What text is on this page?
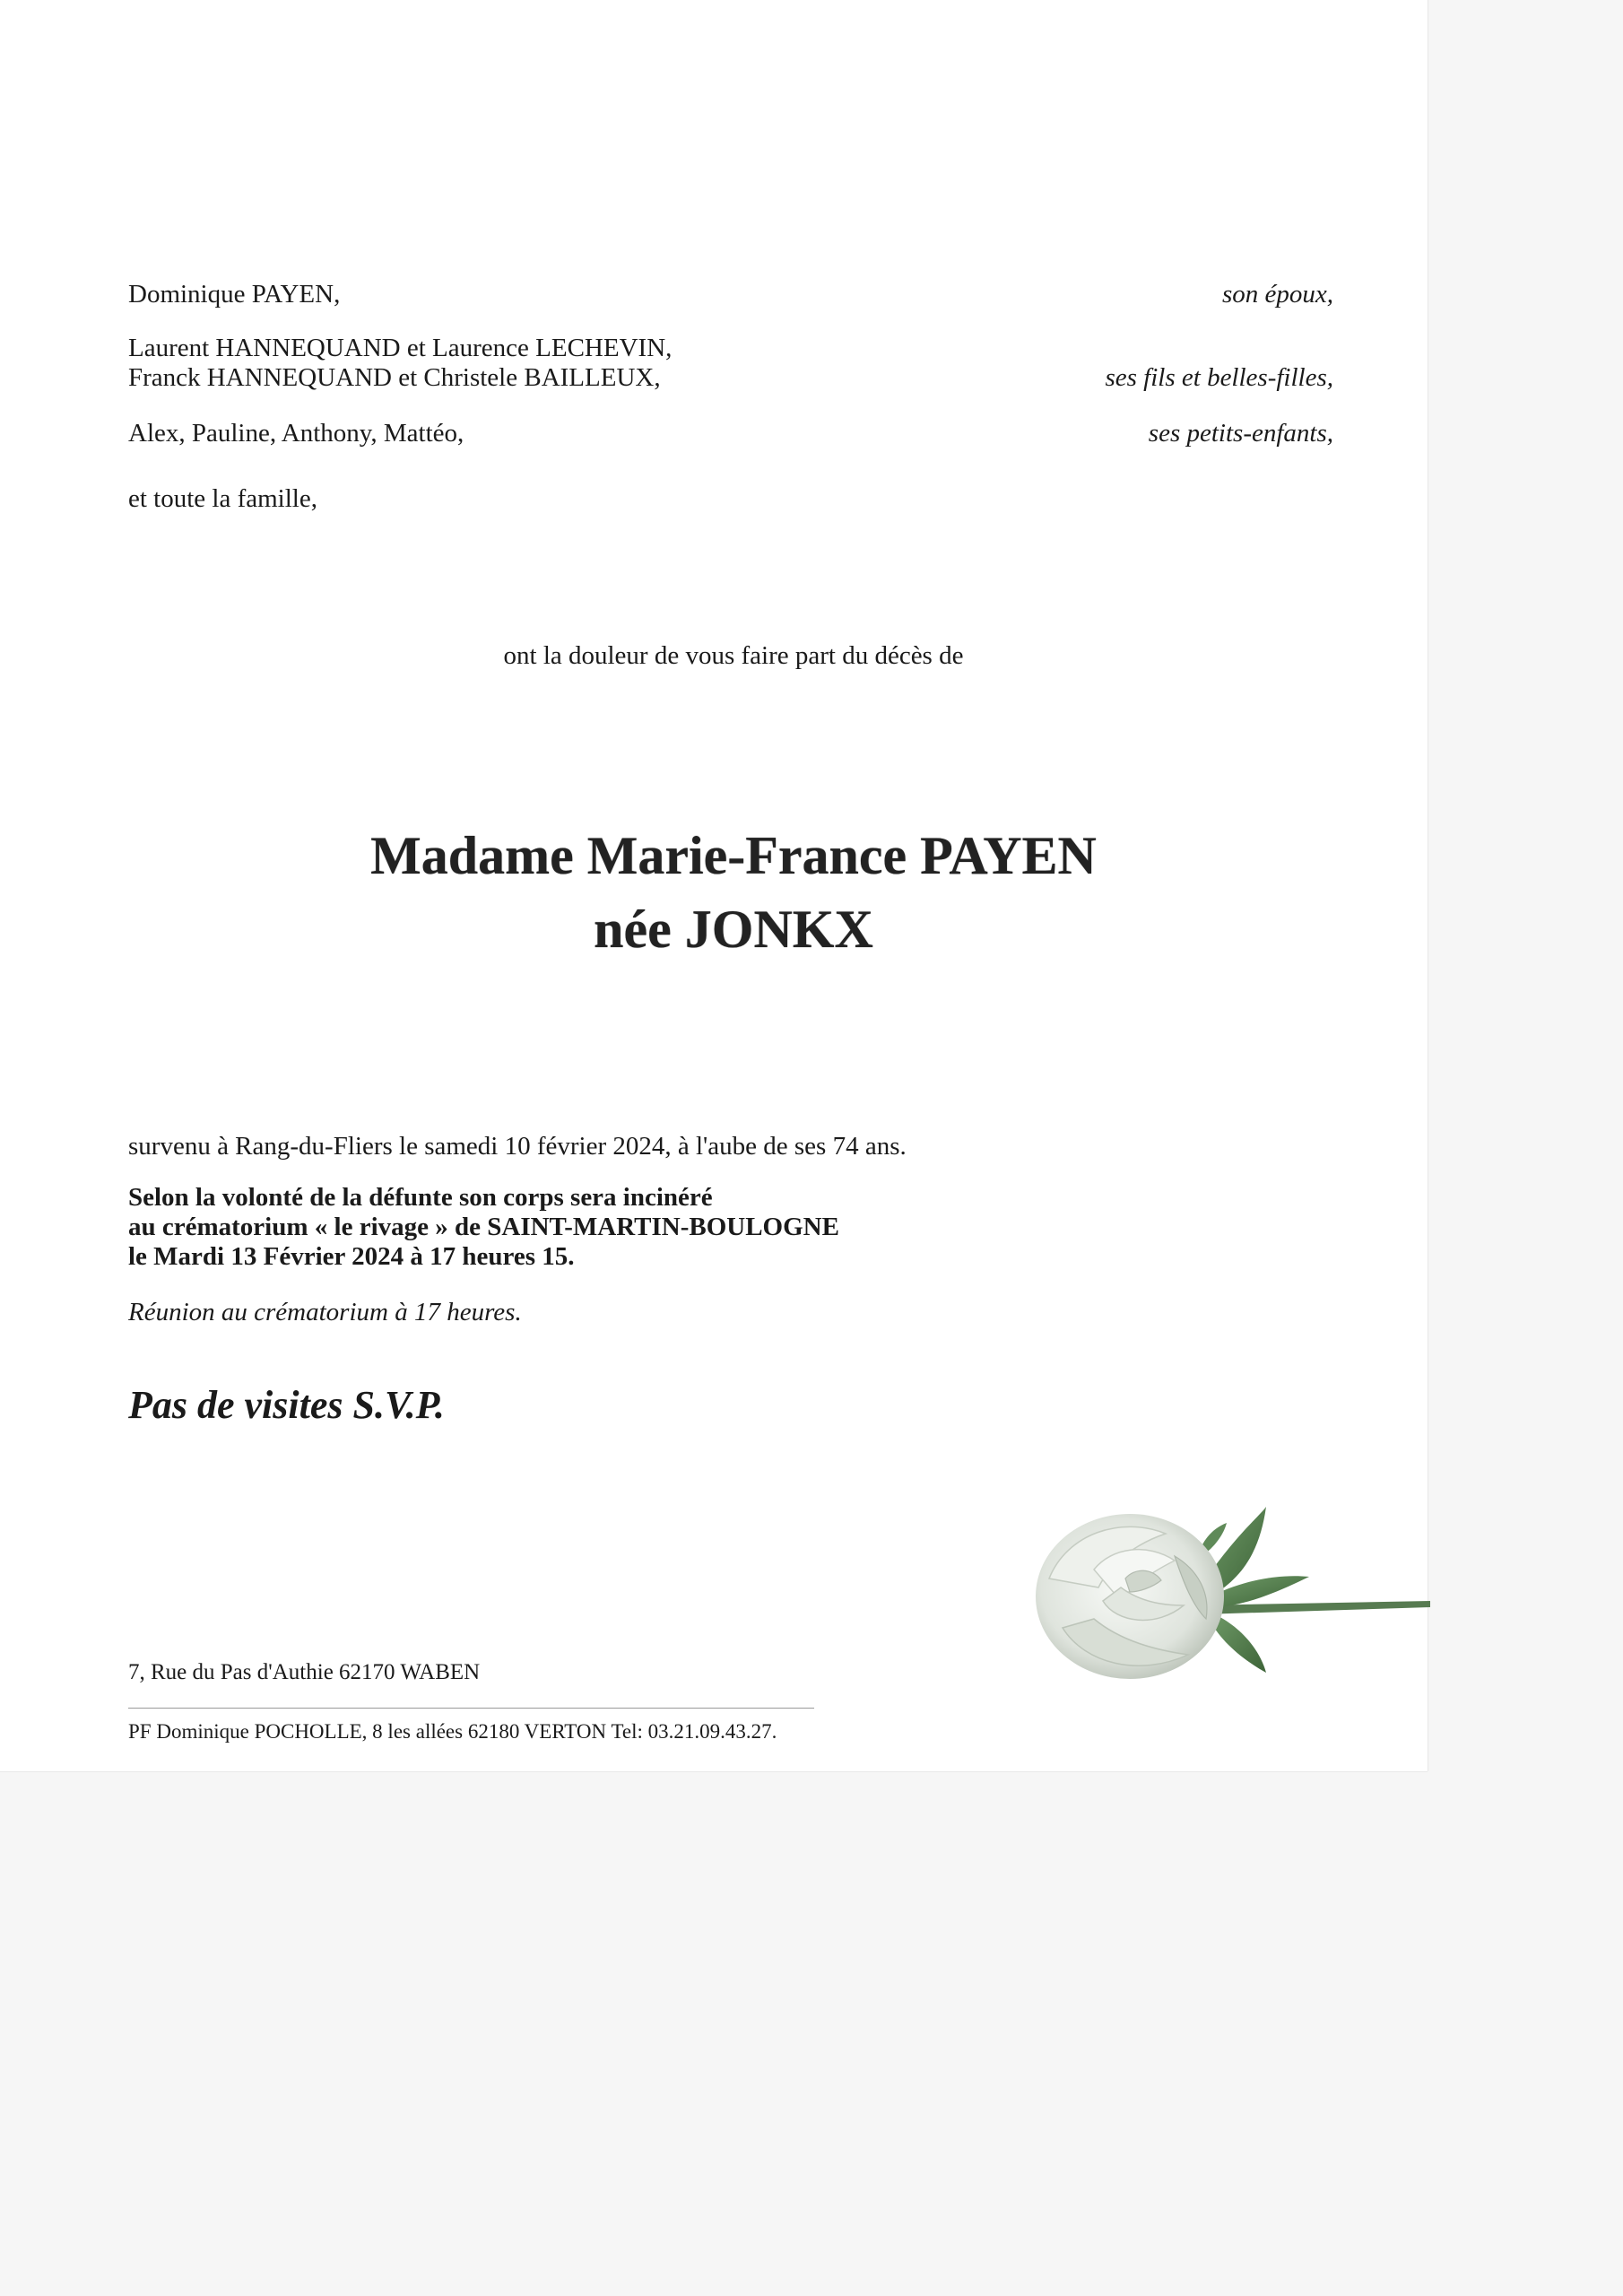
Dominique PAYEN,	son époux,
Laurent HANNEQUAND et Laurence LECHEVIN,
Franck HANNEQUAND et Christele BAILLEUX,	ses fils et belles-filles,
Alex, Pauline, Anthony, Mattéo,	ses petits-enfants,
et toute la famille,
ont la douleur de vous faire part du décès de
Madame Marie-France PAYEN
née JONKX
survenu à Rang-du-Fliers le samedi 10 février 2024, à l'aube de ses 74 ans.
Selon la volonté de la défunte son corps sera incinéré
au crématorium « le rivage » de SAINT-MARTIN-BOULOGNE
le Mardi 13 Février 2024 à 17 heures 15.
Réunion au crématorium à 17 heures.
Pas de visites S.V.P.
7, Rue du Pas d'Authie 62170 WABEN
PF Dominique POCHOLLE, 8 les allées 62180 VERTON Tel: 03.21.09.43.27.
